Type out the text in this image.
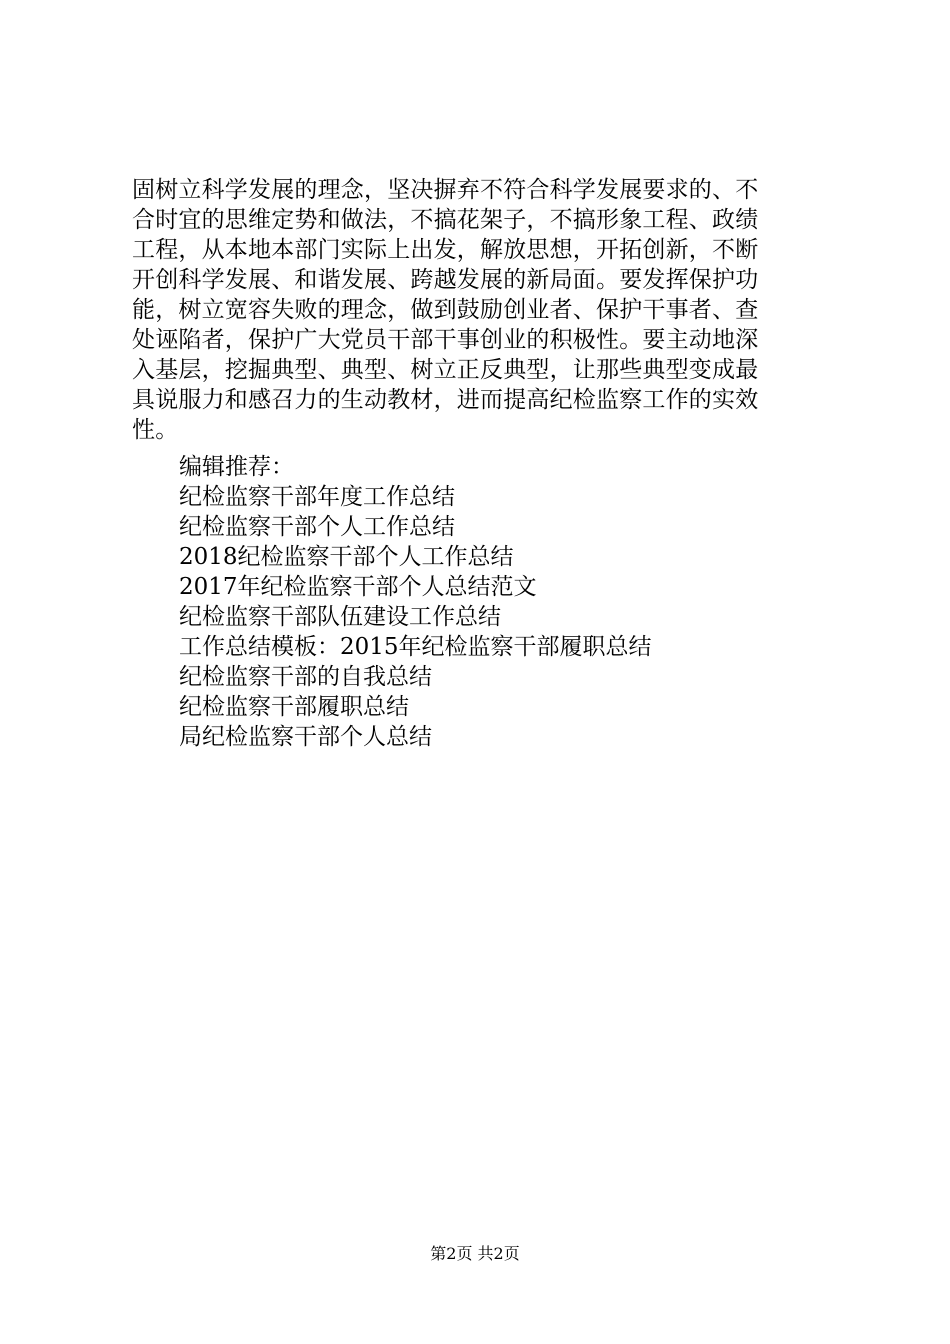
固树立科学发展的理念，坚决摒弃不符合科学发展要求的、不
合时宜的思维定势和做法，不搞花架子，不搞形象工程、政绩
工程，从本地本部门实际上出发，解放思想，开拓创新，不断
开创科学发展、和谐发展、跨越发展的新局面。要发挥保护功
能，树立宽容失败的理念，做到鼓励创业者、保护干事者、查
处诬陷者，保护广大党员干部干事创业的积极性。要主动地深
入基层，挖掘典型、典型、树立正反典型，让那些典型变成最
具说服力和感召力的生动教材，进而提高纪检监察工作的实效
性。
编辑推荐：
纪检监察干部年度工作总结
纪检监察干部个人工作总结
2018纪检监察干部个人工作总结
2017年纪检监察干部个人总结范文
纪检监察干部队伍建设工作总结
工作总结模板：2015年纪检监察干部履职总结
纪检监察干部的自我总结
纪检监察干部履职总结
局纪检监察干部个人总结
第2页 共2页
